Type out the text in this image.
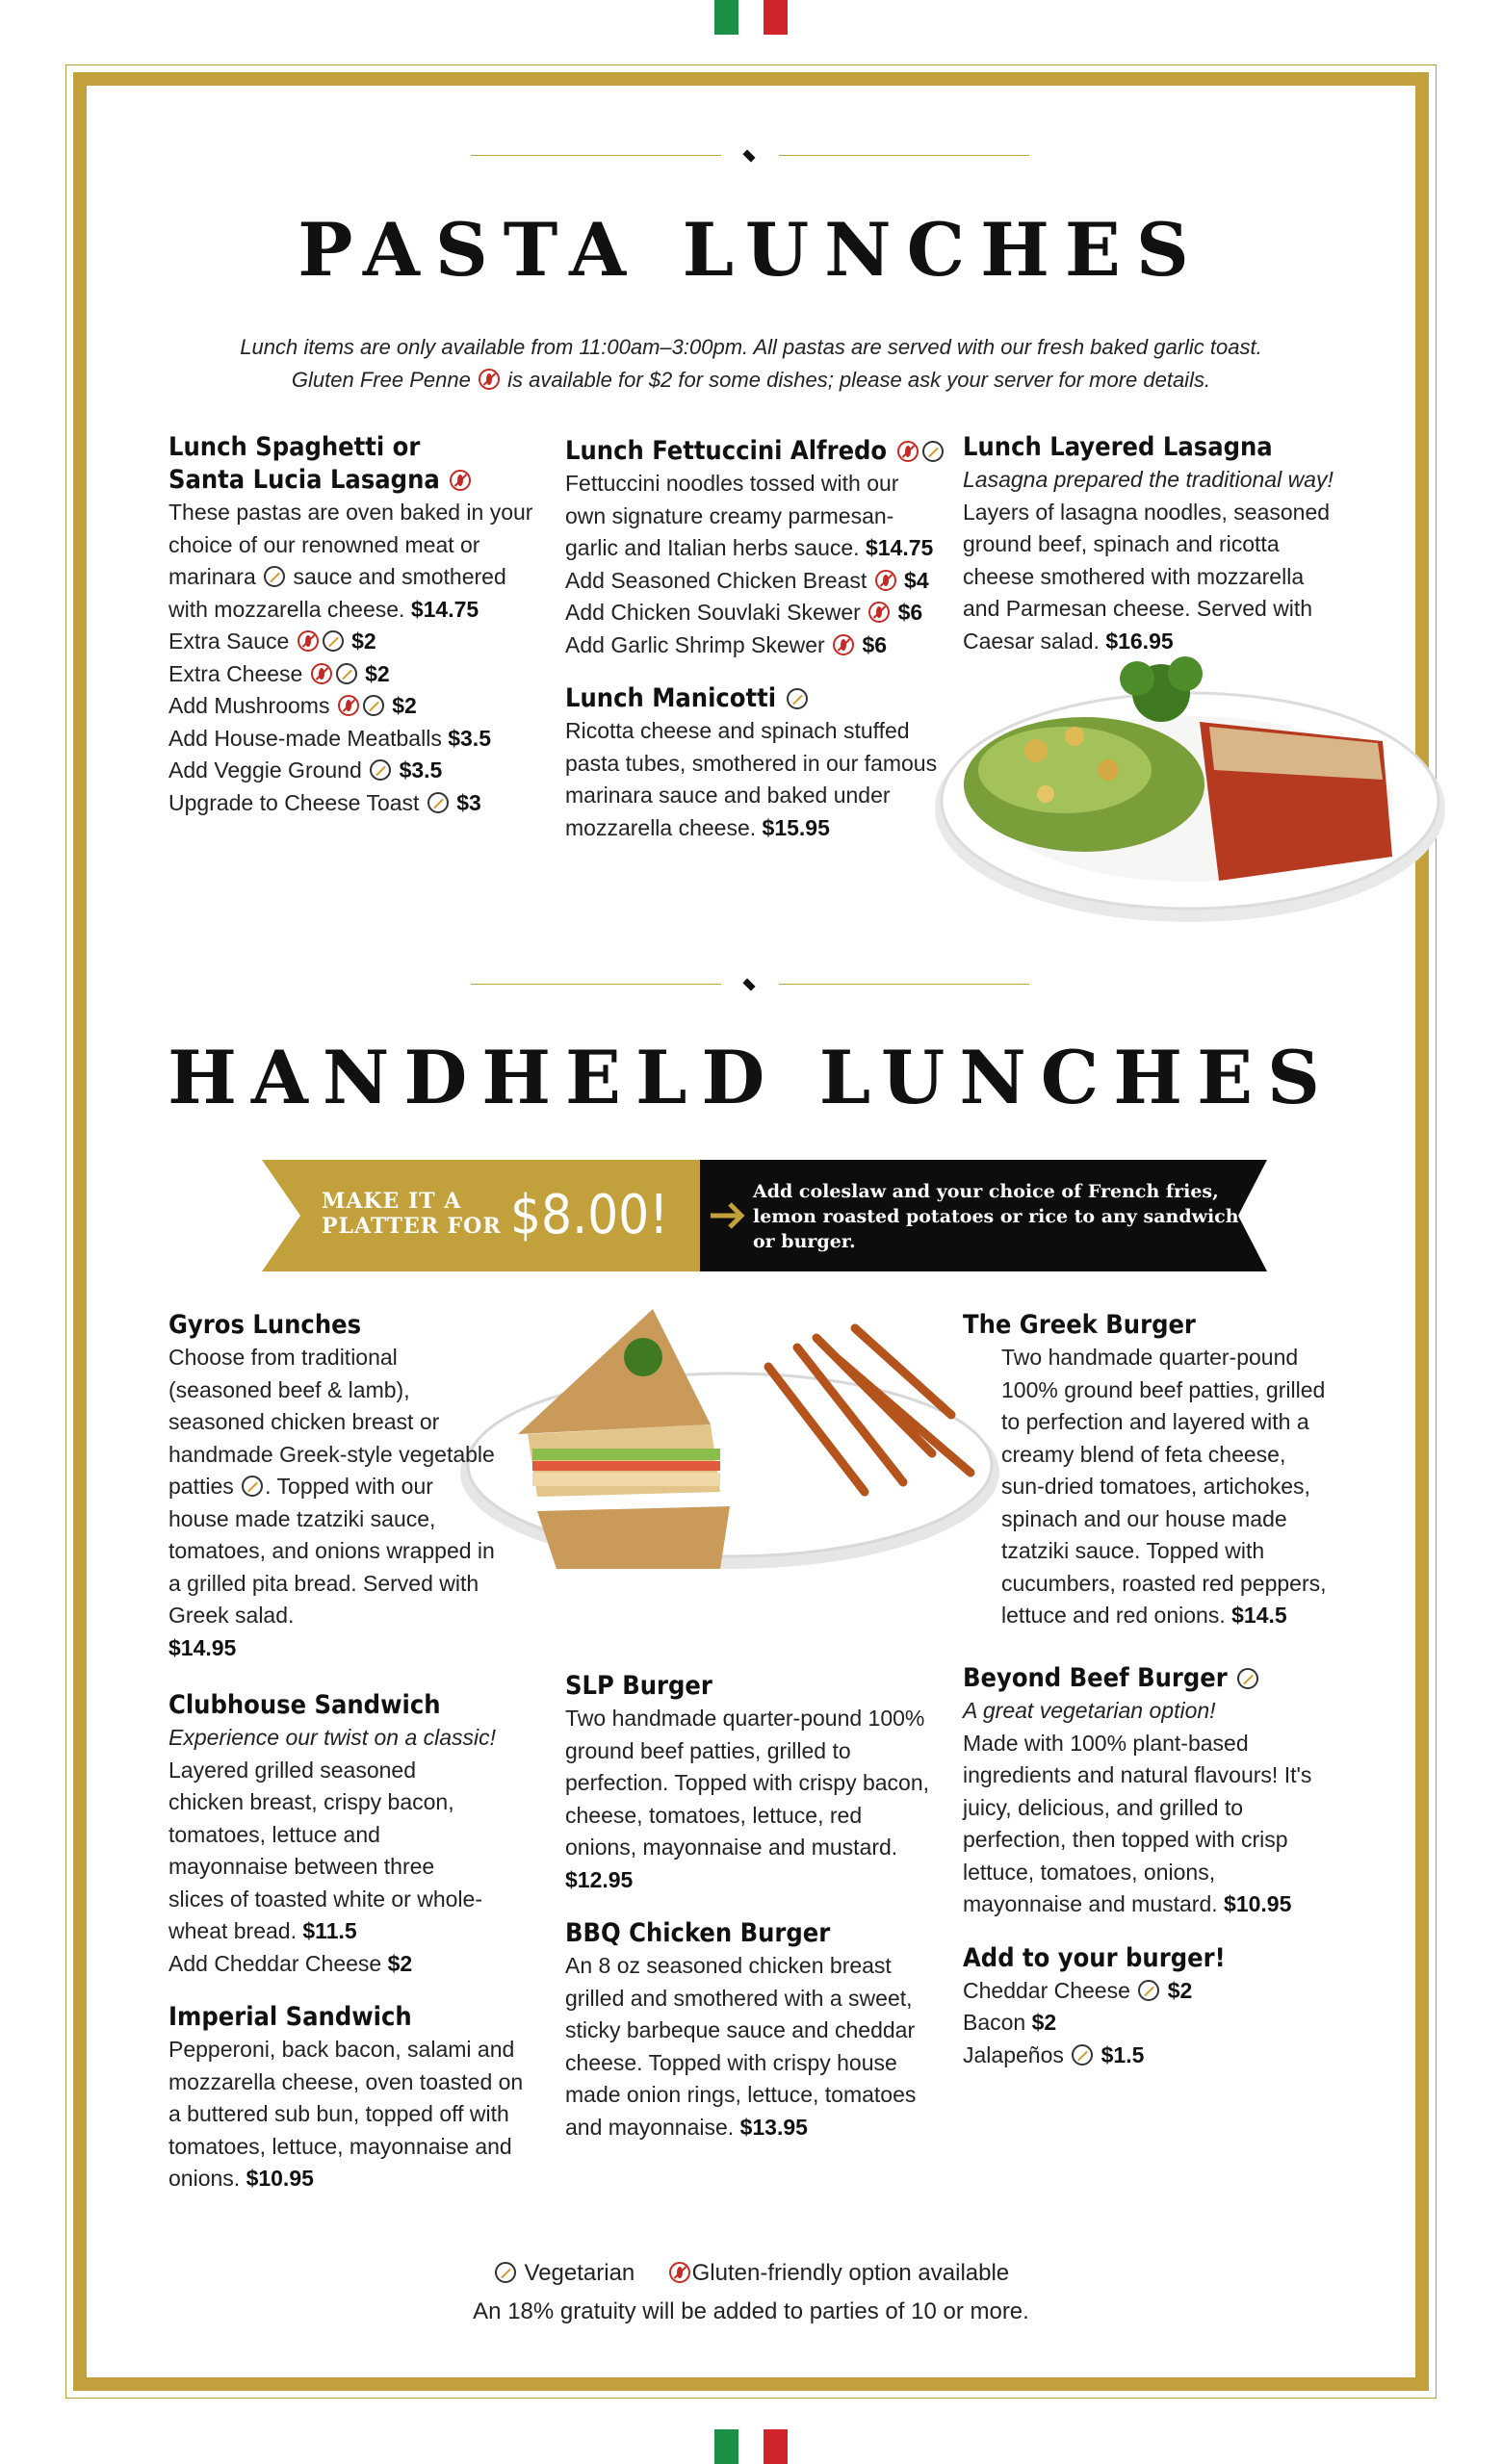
PASTA LUNCHES
Lunch items are only available from 11:00am–3:00pm. All pastas are served with our fresh baked garlic toast.
Gluten Free Penne is available for $2 for some dishes; please ask your server for more details.
Lunch Spaghetti or
Santa Lucia Lasagna
These pastas are oven baked in your choice of our renowned meat or marinara sauce and smothered with mozzarella cheese. $14.75
Extra Sauce	$2
Extra Cheese	$2
Add Mushrooms	$2
Add House-made Meatballs $3.5
Add Veggie Ground $3.5
Upgrade to Cheese Toast $3
Lunch Fettuccini Alfredo
Fettuccini noodles tossed with our own signature creamy parmesan-garlic and Italian herbs sauce. $14.75
Add Seasoned Chicken Breast $4
Add Chicken Souvlaki Skewer $6
Add Garlic Shrimp Skewer $6
Lunch Manicotti
Ricotta cheese and spinach stuffed pasta tubes, smothered in our famous marinara sauce and baked under mozzarella cheese. $15.95
Lunch Layered Lasagna
Lasagna prepared the traditional way!
Layers of lasagna noodles, seasoned ground beef, spinach and ricotta cheese smothered with mozzarella and Parmesan cheese. Served with Caesar salad. $16.95
HANDHELD LUNCHES
MAKE IT A PLATTER FOR $8.00!	Add coleslaw and your choice of French fries, lemon roasted potatoes or rice to any sandwich or burger.
Gyros Lunches
Choose from traditional (seasoned beef & lamb), seasoned chicken breast or handmade Greek-style vegetable patties . Topped with our house made tzatziki sauce, tomatoes, and onions wrapped in a grilled pita bread. Served with Greek salad.
$14.95
Clubhouse Sandwich
Experience our twist on a classic!
Layered grilled seasoned chicken breast, crispy bacon, tomatoes, lettuce and mayonnaise between three slices of toasted white or whole-wheat bread. $11.5
Add Cheddar Cheese $2
Imperial Sandwich
Pepperoni, back bacon, salami and mozzarella cheese, oven toasted on a buttered sub bun, topped off with tomatoes, lettuce, mayonnaise and onions. $10.95
SLP Burger
Two handmade quarter-pound 100% ground beef patties, grilled to perfection. Topped with crispy bacon, cheese, tomatoes, lettuce, red onions, mayonnaise and mustard. $12.95
BBQ Chicken Burger
An 8 oz seasoned chicken breast grilled and smothered with a sweet, sticky barbeque sauce and cheddar cheese. Topped with crispy house made onion rings, lettuce, tomatoes and mayonnaise. $13.95
The Greek Burger
Two handmade quarter-pound 100% ground beef patties, grilled to perfection and layered with a creamy blend of feta cheese, sun-dried tomatoes, artichokes, spinach and our house made tzatziki sauce. Topped with cucumbers, roasted red peppers, lettuce and red onions. $14.5
Beyond Beef Burger
A great vegetarian option!
Made with 100% plant-based ingredients and natural flavours! It's juicy, delicious, and grilled to perfection, then topped with crisp lettuce, tomatoes, onions, mayonnaise and mustard. $10.95
Add to your burger!
Cheddar Cheese $2
Bacon $2
Jalapeños $1.5
Vegetarian Gluten-friendly option available
An 18% gratuity will be added to parties of 10 or more.
